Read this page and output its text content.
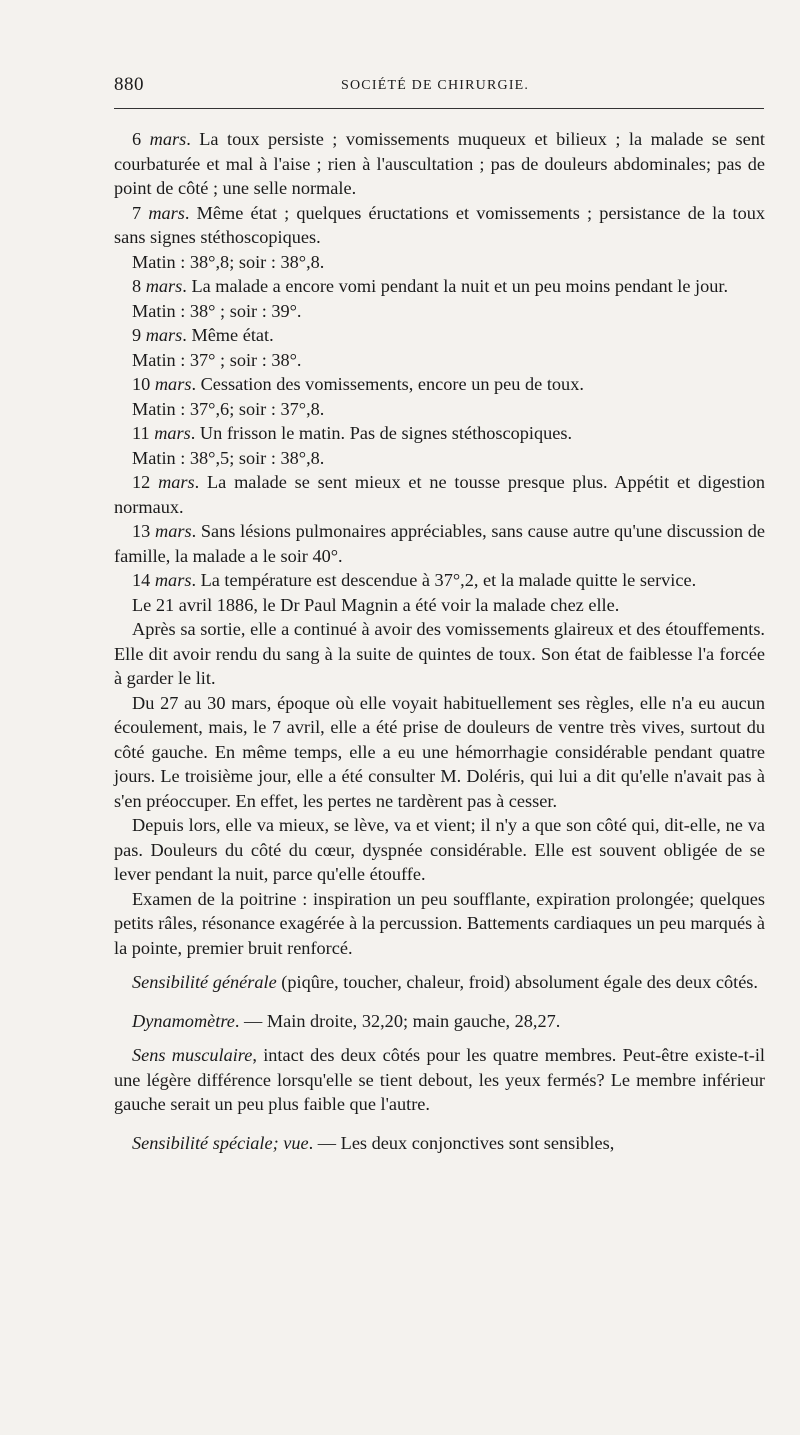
880	SOCIÉTÉ DE CHIRURGIE.

6 mars. La toux persiste ; vomissements muqueux et bilieux ; la malade se sent courbaturée et mal à l'aise ; rien à l'auscultation ; pas de douleurs abdominales; pas de point de côté ; une selle normale.

7 mars. Même état ; quelques éructations et vomissements ; persistance de la toux sans signes stéthoscopiques.

Matin : 38°,8; soir : 38°,8.

8 mars. La malade a encore vomi pendant la nuit et un peu moins pendant le jour.

Matin : 38° ; soir : 39°.

9 mars. Même état.

Matin : 37° ; soir : 38°.

10 mars. Cessation des vomissements, encore un peu de toux.

Matin : 37°,6; soir : 37°,8.

11 mars. Un frisson le matin. Pas de signes stéthoscopiques.

Matin : 38°,5; soir : 38°,8.

12 mars. La malade se sent mieux et ne tousse presque plus. Appétit et digestion normaux.

13 mars. Sans lésions pulmonaires appréciables, sans cause autre qu'une discussion de famille, la malade a le soir 40°.

14 mars. La température est descendue à 37°,2, et la malade quitte le service.

Le 21 avril 1886, le Dr Paul Magnin a été voir la malade chez elle.

Après sa sortie, elle a continué à avoir des vomissements glaireux et des étouffements. Elle dit avoir rendu du sang à la suite de quintes de toux. Son état de faiblesse l'a forcée à garder le lit.

Du 27 au 30 mars, époque où elle voyait habituellement ses règles, elle n'a eu aucun écoulement, mais, le 7 avril, elle a été prise de douleurs de ventre très vives, surtout du côté gauche. En même temps, elle a eu une hémorrhagie considérable pendant quatre jours. Le troisième jour, elle a été consulter M. Doléris, qui lui a dit qu'elle n'avait pas à s'en préoccuper. En effet, les pertes ne tardèrent pas à cesser.

Depuis lors, elle va mieux, se lève, va et vient; il n'y a que son côté qui, dit-elle, ne va pas. Douleurs du côté du cœur, dyspnée considérable. Elle est souvent obligée de se lever pendant la nuit, parce qu'elle étouffe.

Examen de la poitrine : inspiration un peu soufflante, expiration prolongée; quelques petits râles, résonance exagérée à la percussion. Battements cardiaques un peu marqués à la pointe, premier bruit renforcé.

Sensibilité générale (piqûre, toucher, chaleur, froid) absolument égale des deux côtés.

Dynamomètre. — Main droite, 32,20; main gauche, 28,27.

Sens musculaire, intact des deux côtés pour les quatre membres. Peut-être existe-t-il une légère différence lorsqu'elle se tient debout, les yeux fermés? Le membre inférieur gauche serait un peu plus faible que l'autre.

Sensibilité spéciale; vue. — Les deux conjonctives sont sensibles,
